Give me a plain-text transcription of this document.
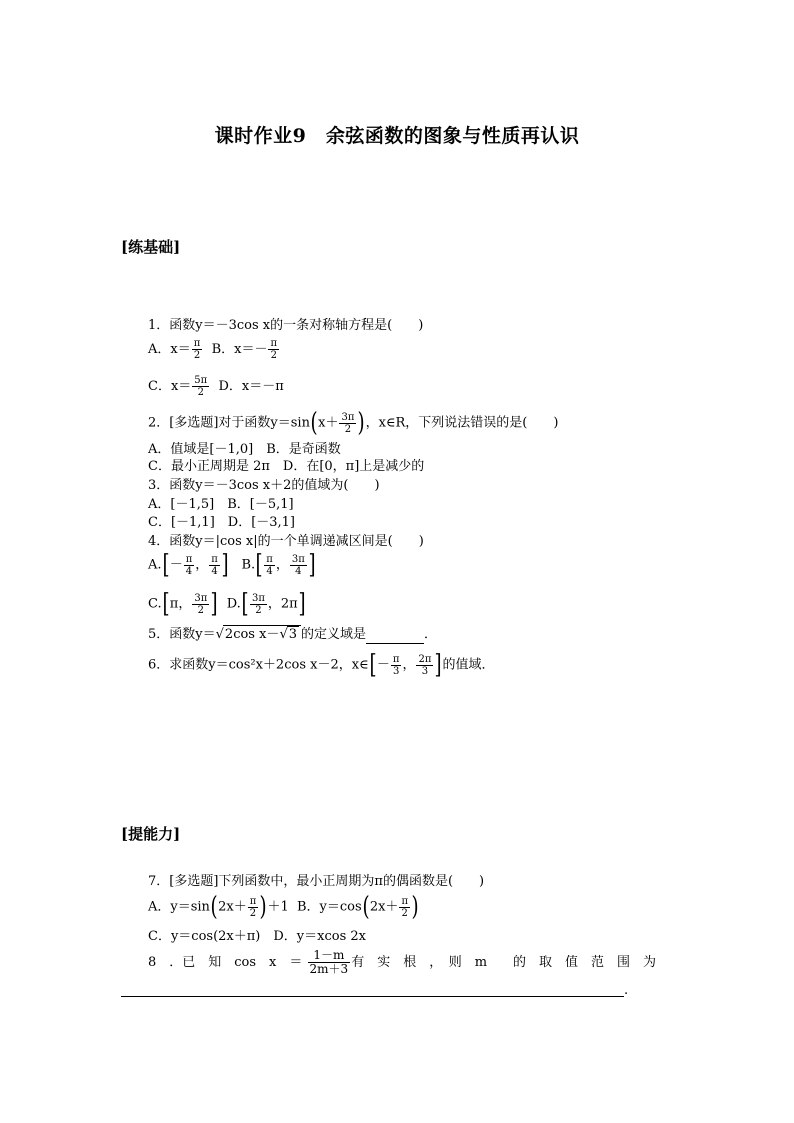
课时作业9　余弦函数的图象与性质再认识
[练基础]
1．函数y＝－3cos x的一条对称轴方程是(　　)
A．$x= \frac{\pi}{2}$ B．$x=- \frac{\pi}{2}$
C．$x= \frac{5\pi}{2}$ D．x＝－π
2．[多选题]对于函数$y=\sin(x+ \frac{3\pi}{2}$ )，x∈R，下列说法错误的是(　　)
A．值域是[－1,0]　B．是奇函数
C．最小正周期是 2π　D．在[0，π]上是减少的
3．函数y＝－3cos x＋2的值域为(　　)
A．[－1,5]　B．[－5,1]
C．[－1,1]　D．[－3,1]
4．函数y＝|cos x|的一个单调递减区间是(　　)
$A.[- \frac{\pi}{4}$ ， $\frac{\pi}{4}$ ] $B.[ \frac{\pi}{4}$ ， $\frac{3\pi}{4}$ ]
C.[π， $\frac{3\pi}{2}$ ] $D.[ \frac{3\pi}{2}$ ，2π]
5．函数y＝√2cos x－√3 的定义域是	．
6．求函数y＝cos²x＋2cos x－2，x∈[－ $\frac{\pi}{3}$ ， $\frac{2\pi}{3}$ ]的值域．
[提能力]
7．[多选题]下列函数中，最小正周期为π的偶函数是(　　)
A．$y=\sin(2x+ \frac{\pi}{2} )+1$ B．$y=\cos(2x+ \frac{\pi}{2}$ )
C．y＝cos(2x＋π)　D．y＝xcos 2x
8　．已　知　cos　x　＝ $\frac{1-m}{2m+3}$ 有　实　根　，　则　m　　的　取　值　范　围　为
.
